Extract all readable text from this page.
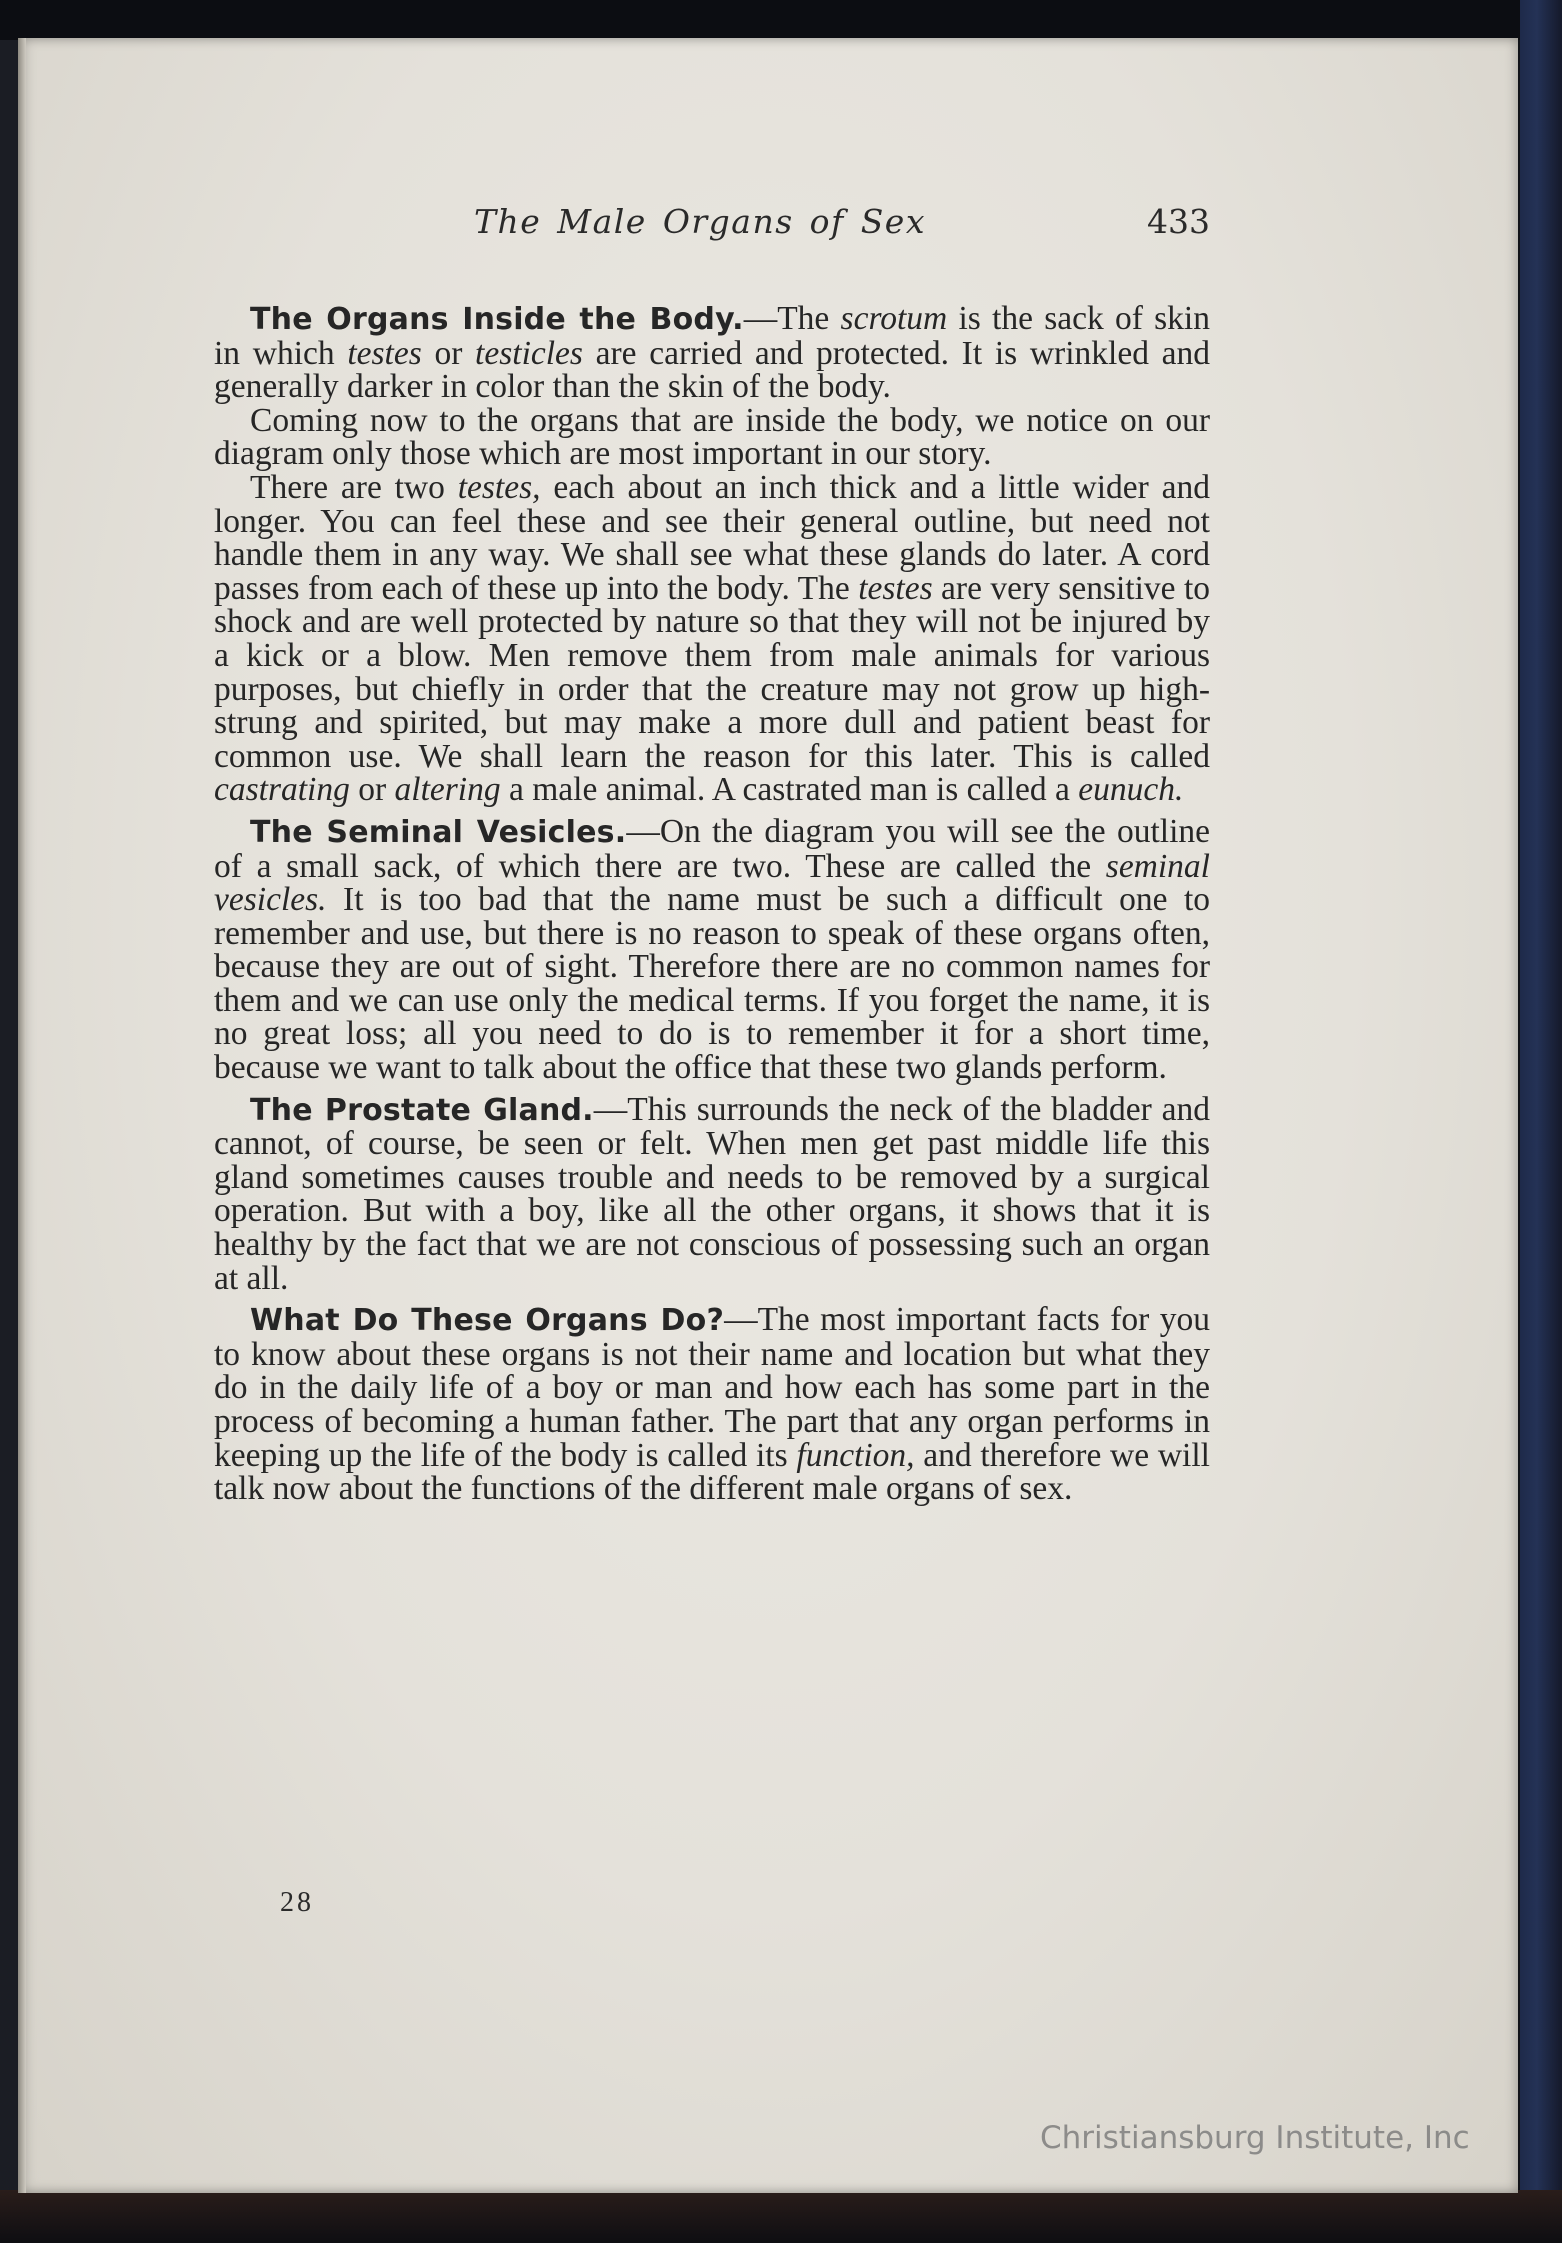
The Male Organs of Sex	433

The Organs Inside the Body.—The scrotum is the sack of skin in which testes or testicles are carried and protected. It is wrinkled and generally darker in color than the skin of the body.

Coming now to the organs that are inside the body, we notice on our diagram only those which are most important in our story.

There are two testes, each about an inch thick and a little wider and longer. You can feel these and see their general outline, but need not handle them in any way. We shall see what these glands do later. A cord passes from each of these up into the body. The testes are very sensitive to shock and are well protected by nature so that they will not be injured by a kick or a blow. Men remove them from male animals for various purposes, but chiefly in order that the creature may not grow up high-strung and spirited, but may make a more dull and patient beast for common use. We shall learn the reason for this later. This is called castrating or altering a male animal. A castrated man is called a eunuch.

The Seminal Vesicles.—On the diagram you will see the outline of a small sack, of which there are two. These are called the seminal vesicles. It is too bad that the name must be such a difficult one to remember and use, but there is no reason to speak of these organs often, because they are out of sight. Therefore there are no common names for them and we can use only the medical terms. If you forget the name, it is no great loss; all you need to do is to remember it for a short time, because we want to talk about the office that these two glands perform.

The Prostate Gland.—This surrounds the neck of the bladder and cannot, of course, be seen or felt. When men get past middle life this gland sometimes causes trouble and needs to be removed by a surgical operation. But with a boy, like all the other organs, it shows that it is healthy by the fact that we are not conscious of possessing such an organ at all.

What Do These Organs Do?—The most important facts for you to know about these organs is not their name and location but what they do in the daily life of a boy or man and how each has some part in the process of becoming a human father. The part that any organ performs in keeping up the life of the body is called its function, and therefore we will talk now about the functions of the different male organs of sex.

28
Christiansburg Institute, Inc
